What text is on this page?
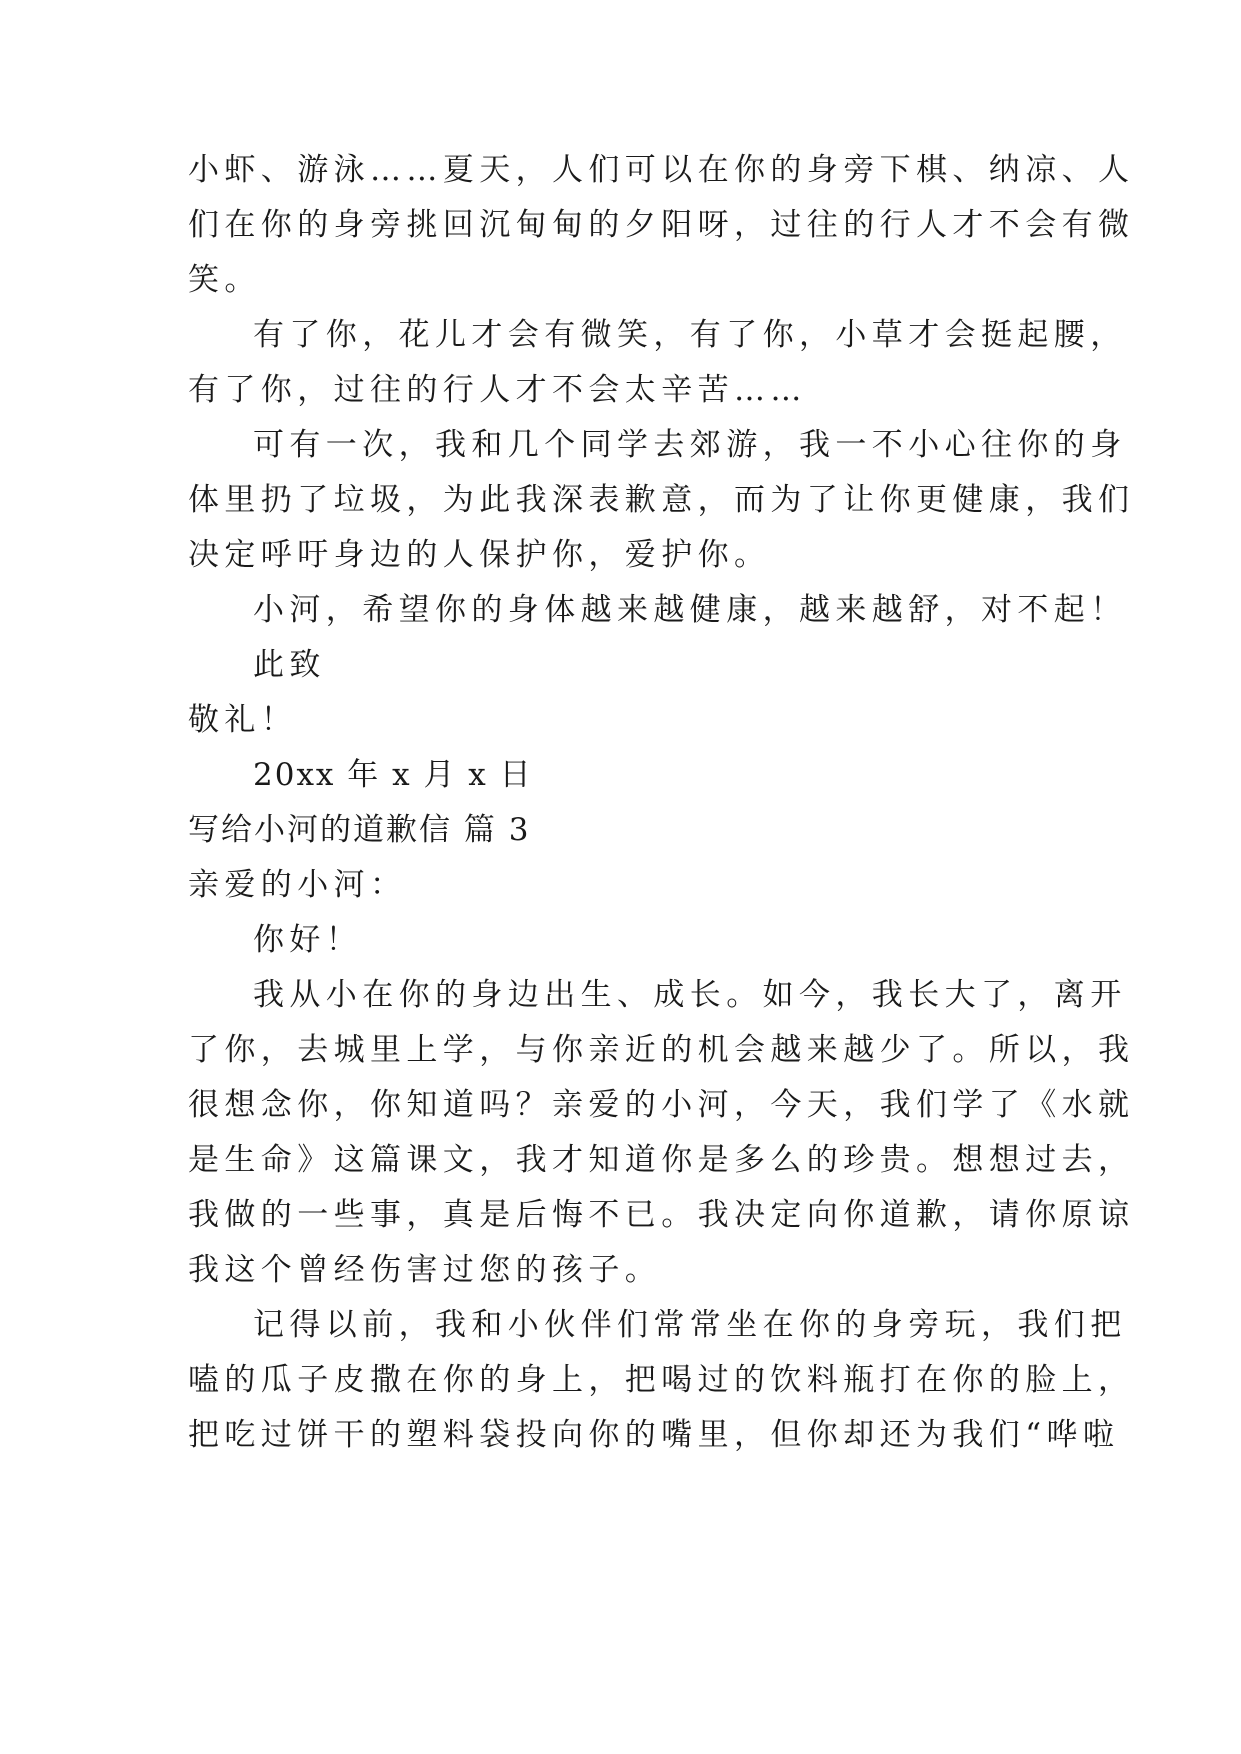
小虾、游泳……夏天，人们可以在你的身旁下棋、纳凉、人
们在你的身旁挑回沉甸甸的夕阳呀，过往的行人才不会有微
笑。
有了你，花儿才会有微笑，有了你，小草才会挺起腰，
有了你，过往的行人才不会太辛苦……
可有一次，我和几个同学去郊游，我一不小心往你的身
体里扔了垃圾，为此我深表歉意，而为了让你更健康，我们
决定呼吁身边的人保护你，爱护你。
小河，希望你的身体越来越健康，越来越舒，对不起！
此致
敬礼！
20xx 年 x 月 x 日
写给小河的道歉信 篇 3
亲爱的小河：
你好！
我从小在你的身边出生、成长。如今，我长大了，离开
了你，去城里上学，与你亲近的机会越来越少了。所以，我
很想念你，你知道吗？亲爱的小河，今天，我们学了《水就
是生命》这篇课文，我才知道你是多么的珍贵。想想过去，
我做的一些事，真是后悔不已。我决定向你道歉，请你原谅
我这个曾经伤害过您的孩子。
记得以前，我和小伙伴们常常坐在你的身旁玩，我们把
嗑的瓜子皮撒在你的身上，把喝过的饮料瓶打在你的脸上，
把吃过饼干的塑料袋投向你的嘴里，但你却还为我们“哗啦
